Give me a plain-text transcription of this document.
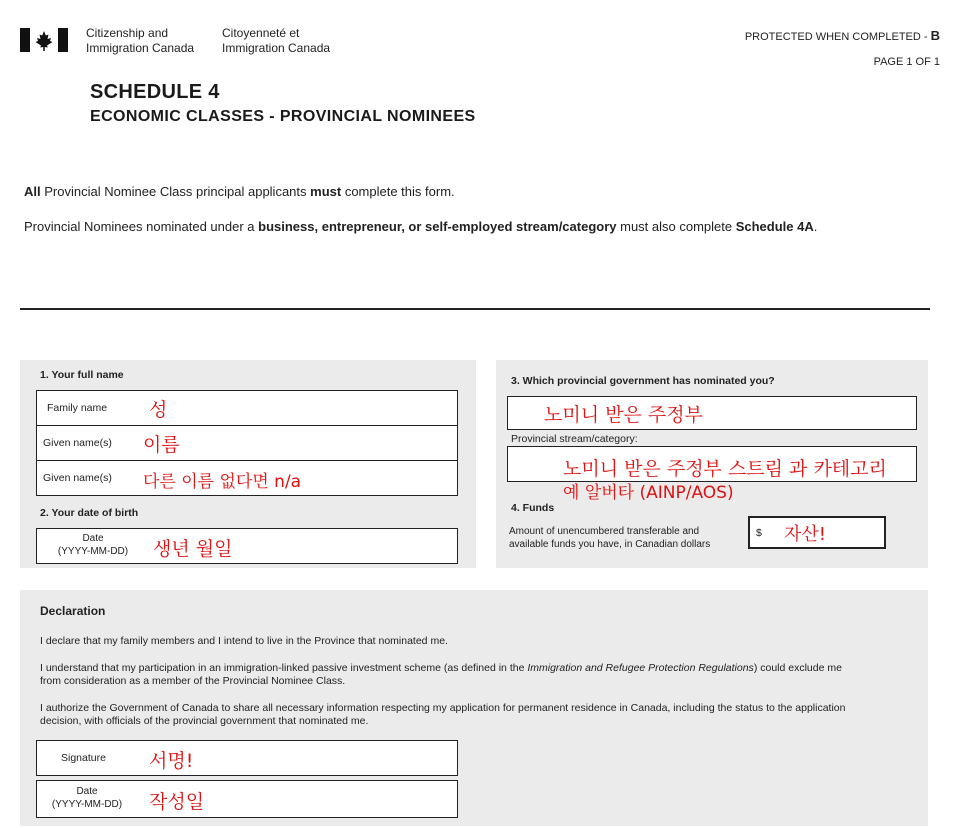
Citizenship and
Immigration Canada
Citoyenneté et
Immigration Canada
PROTECTED WHEN COMPLETED - B
PAGE 1 OF 1
SCHEDULE 4
ECONOMIC CLASSES - PROVINCIAL NOMINEES
All Provincial Nominee Class principal applicants must complete this form.
Provincial Nominees nominated under a business, entrepreneur, or self-employed stream/category must also complete Schedule 4A.
1. Your full name
Family name 성
Given name(s) 이름
Given name(s) 다른 이름 없다면 n/a
2. Your date of birth
Date
(YYYY-MM-DD)	생년 월일
3. Which provincial government has nominated you?
노미니 받은 주정부
Provincial stream/category:
노미니 받은 주정부 스트림 과 카테고리
예 알버타 (AINP/AOS)
4. Funds
Amount of unencumbered transferable and
available funds you have, in Canadian dollars
$ 자산!
Declaration
I declare that my family members and I intend to live in the Province that nominated me.
I understand that my participation in an immigration-linked passive investment scheme (as defined in the Immigration and Refugee Protection Regulations) could exclude me
from consideration as a member of the Provincial Nominee Class.
I authorize the Government of Canada to share all necessary information respecting my application for permanent residence in Canada, including the status to the application
decision, with officials of the provincial government that nominated me.
Signature 서명!
Date
(YYYY-MM-DD)	작성일
